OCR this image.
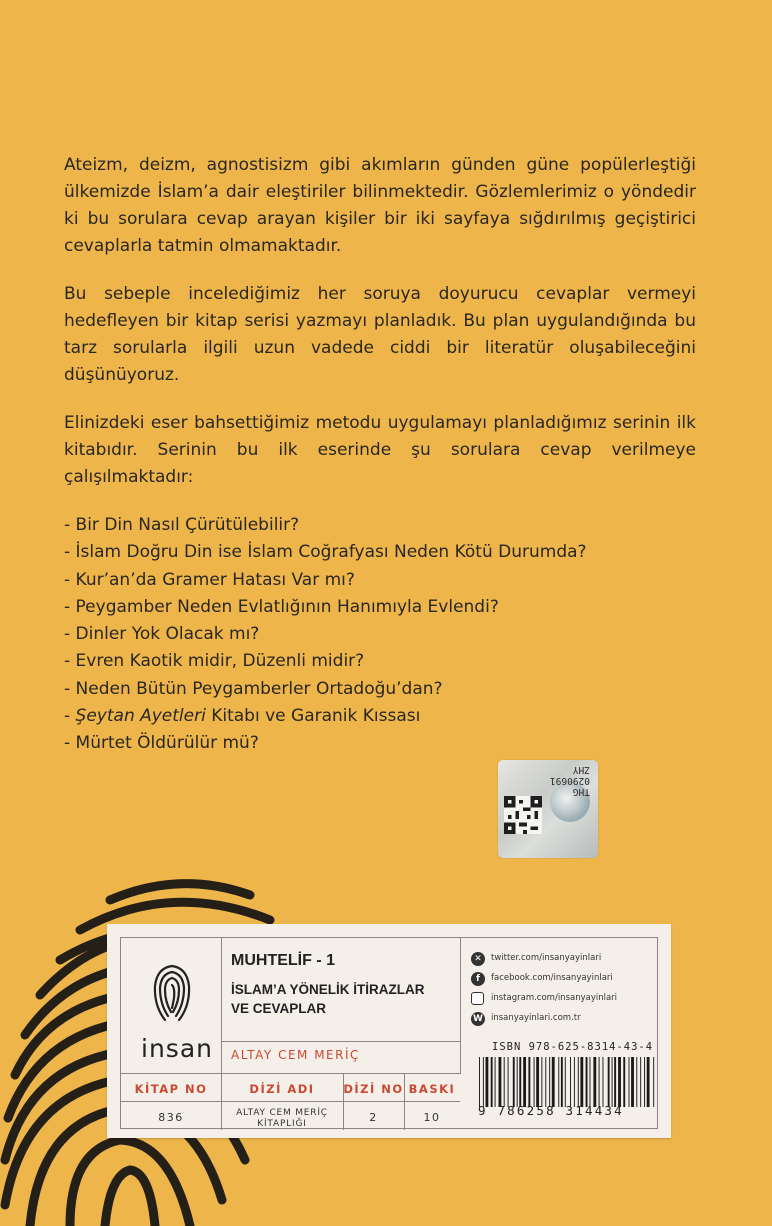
Ateizm, deizm, agnostisizm gibi akımların günden güne popülerleştiği ülkemizde İslam’a dair eleştiriler bilinmektedir. Gözlemlerimiz o yöndedir ki bu sorulara cevap arayan kişiler bir iki sayfaya sığdırılmış geçiştirici cevaplarla tatmin olmamaktadır.

Bu sebeple incelediğimiz her soruya doyurucu cevaplar vermeyi hedefleyen bir kitap serisi yazmayı planladık. Bu plan uygulandığında bu tarz sorularla ilgili uzun vadede ciddi bir literatür oluşabileceğini düşünüyoruz.

Elinizdeki eser bahsettiğimiz metodu uygulamayı planladığımız serinin ilk kitabıdır. Serinin bu ilk eserinde şu sorulara cevap verilmeye çalışılmaktadır:

- Bir Din Nasıl Çürütülebilir?
- İslam Doğru Din ise İslam Coğrafyası Neden Kötü Durumda?
- Kur’an’da Gramer Hatası Var mı?
- Peygamber Neden Evlatlığının Hanımıyla Evlendi?
- Dinler Yok Olacak mı?
- Evren Kaotik midir, Düzenli midir?
- Neden Bütün Peygamberler Ortadoğu’dan?
- Şeytan Ayetleri Kitabı ve Garanik Kıssası
- Mürtet Öldürülür mü?
THG
0290691
ZHY
insan
MUHTELİF - 1
İSLAM’A YÖNELİK İTİRAZLAR
VE CEVAPLAR
ALTAY CEM MERİÇ
KİTAP NO	DİZİ ADI	DİZİ NO BASKI
836	ALTAY CEM MERİÇ
KİTAPLIĞI	2	10
✕	twitter.com/insanyayinlari
f	facebook.com/insanyayinlari
instagram.com/insanyayinlari
W insanyayinlari.com.tr
ISBN 978-625-8314-43-4
9 786258 314434
